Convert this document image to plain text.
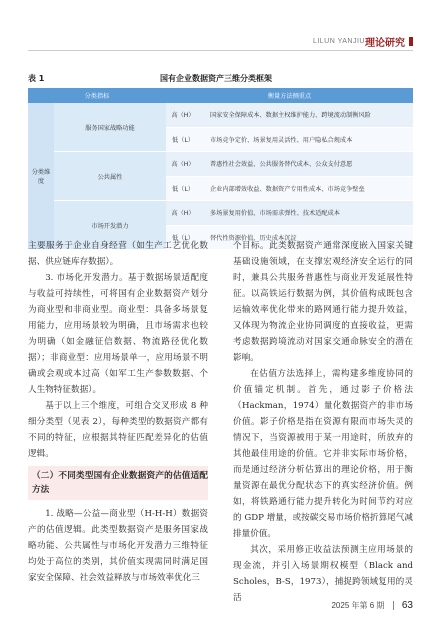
LILUN YANJIU 理论研究
表 1	国有企业数据资产三维分类框架
分类指标		衡量方法侧重点	
分类维度	服务国家战略功能	高（H）	国家安全保障成本、数据主权维护能力、跨境流动制衡风险
		低（L）	市场竞争定价、场景复用灵活性、用户隐私合规成本
	公共属性	高（H）	普惠性社会效益、公共服务替代成本、公众支付意愿
		低（L）	企业内部增效收益、数据资产专用性成本、市场竞争壁垒
	市场开发潜力	高（H）	多场景复用价值、市场需求弹性、技术适配成本
		低（L）	替代性资源价值、历史成本沉淀

主要服务于企业自身经营（如生产工艺优化数据、供应链库存数据）。

3. 市场化开发潜力。基于数据场景适配度与收益可持续性，可将国有企业数据资产划分为商业型和非商业型。商业型：具备多场景复用能力，应用场景较为明确，且市场需求也较为明确（如金融征信数据、物流路径优化数据）；非商业型：应用场景单一，应用场景不明确或会观或本过高（如军工生产参数数据、个人生物特征数据）。

基于以上三个维度，可组合交叉形成 8 种细分类型（见表 2），每种类型的数据资产都有不同的特征，应根据其特征匹配差异化的估值逻辑。

（二）不同类型国有企业数据资产的估值适配方法

1. 战略—公益—商业型（H-H-H）数据资产的估值逻辑。此类型数据资产是服务国家战略功能、公共属性与市场化开发潜力三维特征均处于高位的类别，其价值实现需同时满足国家安全保障、社会效益释放与市场效率优化三

个目标。此类数据资产通常深度嵌入国家关键基础设施领域，在支撑宏观经济安全运行的同时，兼具公共服务普惠性与商业开发延展性特征。以高铁运行数据为例，其价值构成既包含运输效率优化带来的路网通行能力提升效益，又体现为物流企业协同调度的直接收益，更需考虑数据跨境流动对国家交通命脉安全的潜在影响。

在估值方法选择上，需构建多维度协同的价值锚定机制。首先，通过影子价格法（Hackman，1974）量化数据资产的非市场价值。影子价格是指在资源有限而市场失灵的情况下，当资源被用于某一用途时，所放弃的其他最佳用途的价值。它并非实际市场价格，而是通过经济分析估算出的理论价格，用于衡量资源在最优分配状态下的真实经济价值。例如，将铁路通行能力提升转化为时间节约对应的 GDP 增量，或按碳交易市场价格折算尾气减排量价值。

其次，采用修正收益法预测主应用场景的现金流，并引入场景期权模型（Black and Scholes，B-S，1973），捕捉跨领域复用的灵活

2025 年第 6 期 63
